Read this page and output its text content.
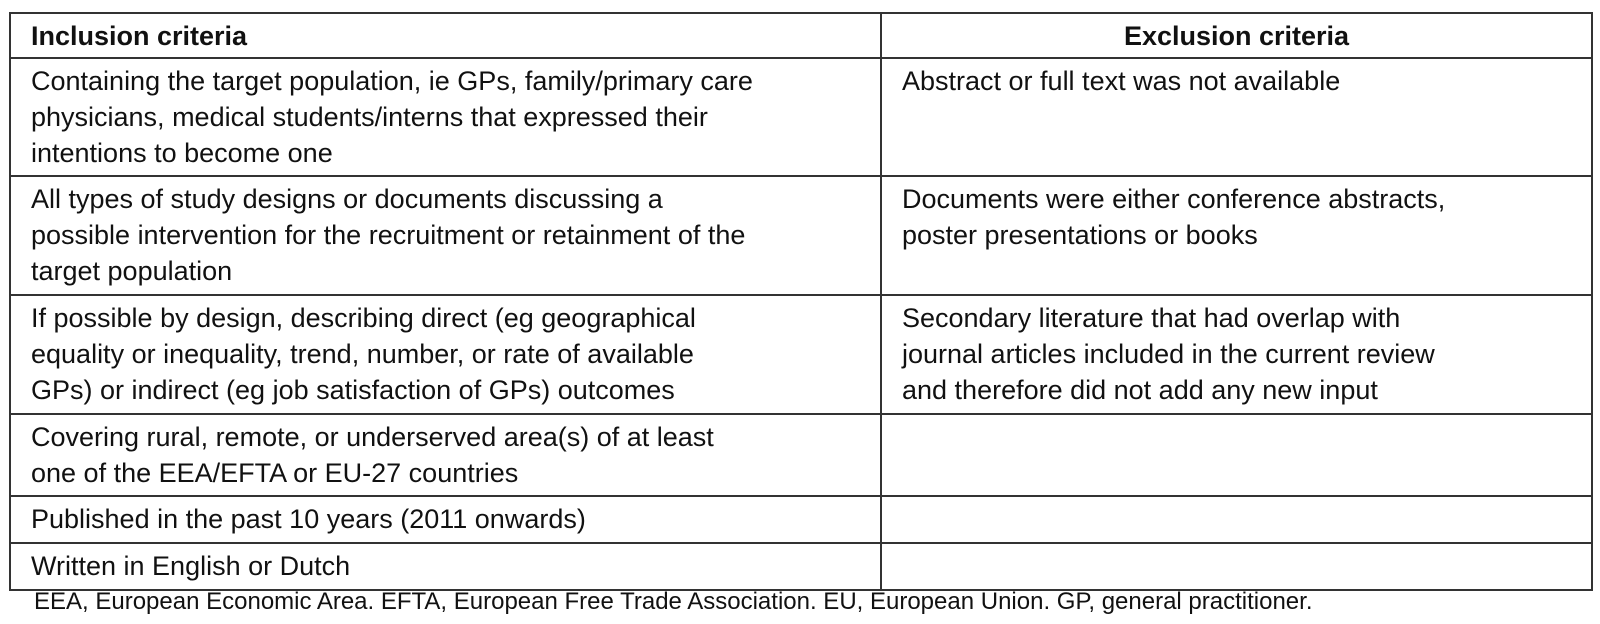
Inclusion criteria	Exclusion criteria

Containing the target population, ie GPs, family/primary care
physicians, medical students/interns that expressed their
intentions to become one	Abstract or full text was not available

All types of study designs or documents discussing a
possible intervention for the recruitment or retainment of the
target population	Documents were either conference abstracts,
poster presentations or books

If possible by design, describing direct (eg geographical
equality or inequality, trend, number, or rate of available
GPs) or indirect (eg job satisfaction of GPs) outcomes	Secondary literature that had overlap with
journal articles included in the current review
and therefore did not add any new input

Covering rural, remote, or underserved area(s) of at least
one of the EEA/EFTA or EU-27 countries	

Published in the past 10 years (2011 onwards)	

Written in English or Dutch	

EEA, European Economic Area. EFTA, European Free Trade Association. EU, European Union. GP, general practitioner.
